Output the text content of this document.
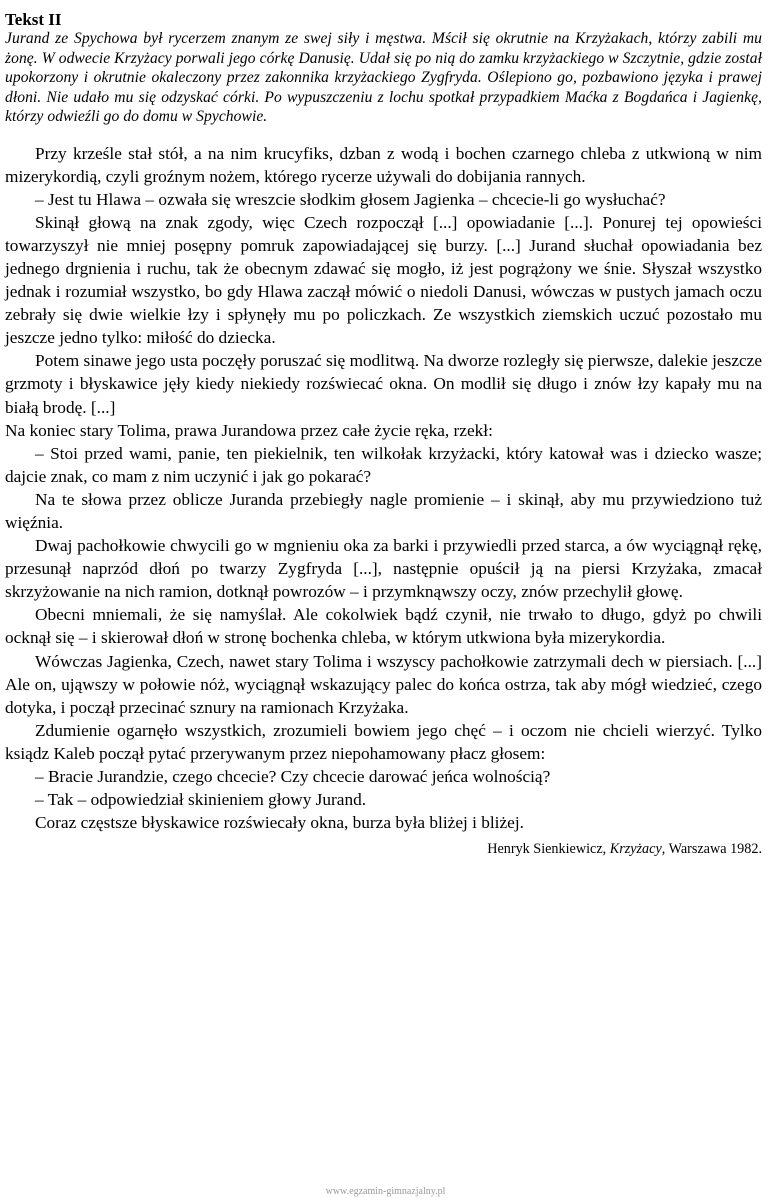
Tekst II

Jurand ze Spychowa był rycerzem znanym ze swej siły i męstwa. Mścił się okrutnie na Krzyżakach, którzy zabili mu żonę. W odwecie Krzyżacy porwali jego córkę Danusię. Udał się po nią do zamku krzyżackiego w Szczytnie, gdzie został upokorzony i okrutnie okaleczony przez zakonnika krzyżackiego Zygfryda. Oślepiono go, pozbawiono języka i prawej dłoni. Nie udało mu się odzyskać córki. Po wypuszczeniu z lochu spotkał przypadkiem Maćka z Bogdańca i Jagienkę, którzy odwieźli go do domu w Spychowie.

Przy krześle stał stół, a na nim krucyfiks, dzban z wodą i bochen czarnego chleba z utkwioną w nim mizerykordią, czyli groźnym nożem, którego rycerze używali do dobijania rannych.

– Jest tu Hlawa – ozwała się wreszcie słodkim głosem Jagienka – chcecie-li go wysłuchać?

Skinął głową na znak zgody, więc Czech rozpoczął [...] opowiadanie [...]. Ponurej tej opowieści towarzyszył nie mniej posępny pomruk zapowiadającej się burzy. [...] Jurand słuchał opowiadania bez jednego drgnienia i ruchu, tak że obecnym zdawać się mogło, iż jest pogrążony we śnie. Słyszał wszystko jednak i rozumiał wszystko, bo gdy Hlawa zaczął mówić o niedoli Danusi, wówczas w pustych jamach oczu zebrały się dwie wielkie łzy i spłynęły mu po policzkach. Ze wszystkich ziemskich uczuć pozostało mu jeszcze jedno tylko: miłość do dziecka.

Potem sinawe jego usta poczęły poruszać się modlitwą. Na dworze rozległy się pierwsze, dalekie jeszcze grzmoty i błyskawice jęły kiedy niekiedy rozświecać okna. On modlił się długo i znów łzy kapały mu na białą brodę. [...]

Na koniec stary Tolima, prawa Jurandowa przez całe życie ręka, rzekł:

– Stoi przed wami, panie, ten piekielnik, ten wilkołak krzyżacki, który katował was i dziecko wasze; dajcie znak, co mam z nim uczynić i jak go pokarać?

Na te słowa przez oblicze Juranda przebiegły nagle promienie – i skinął, aby mu przywiedziono tuż więźnia.

Dwaj pachołkowie chwycili go w mgnieniu oka za barki i przywiedli przed starca, a ów wyciągnął rękę, przesunął naprzód dłoń po twarzy Zygfryda [...], następnie opuścił ją na piersi Krzyżaka, zmacał skrzyżowanie na nich ramion, dotknął powrozów – i przymknąwszy oczy, znów przechylił głowę.

Obecni mniemali, że się namyślał. Ale cokolwiek bądź czynił, nie trwało to długo, gdyż po chwili ocknął się – i skierował dłoń w stronę bochenka chleba, w którym utkwiona była mizerykordia.

Wówczas Jagienka, Czech, nawet stary Tolima i wszyscy pachołkowie zatrzymali dech w piersiach. [...] Ale on, ująwszy w połowie nóż, wyciągnął wskazujący palec do końca ostrza, tak aby mógł wiedzieć, czego dotyka, i począł przecinać sznury na ramionach Krzyżaka.

Zdumienie ogarnęło wszystkich, zrozumieli bowiem jego chęć – i oczom nie chcieli wierzyć. Tylko ksiądz Kaleb począł pytać przerywanym przez niepohamowany płacz głosem:

– Bracie Jurandzie, czego chcecie? Czy chcecie darować jeńca wolnością?

– Tak – odpowiedział skinieniem głowy Jurand.

Coraz częstsze błyskawice rozświecały okna, burza była bliżej i bliżej.

Henryk Sienkiewicz, Krzyżacy, Warszawa 1982.
www.egzamin-gimnazjalny.pl
